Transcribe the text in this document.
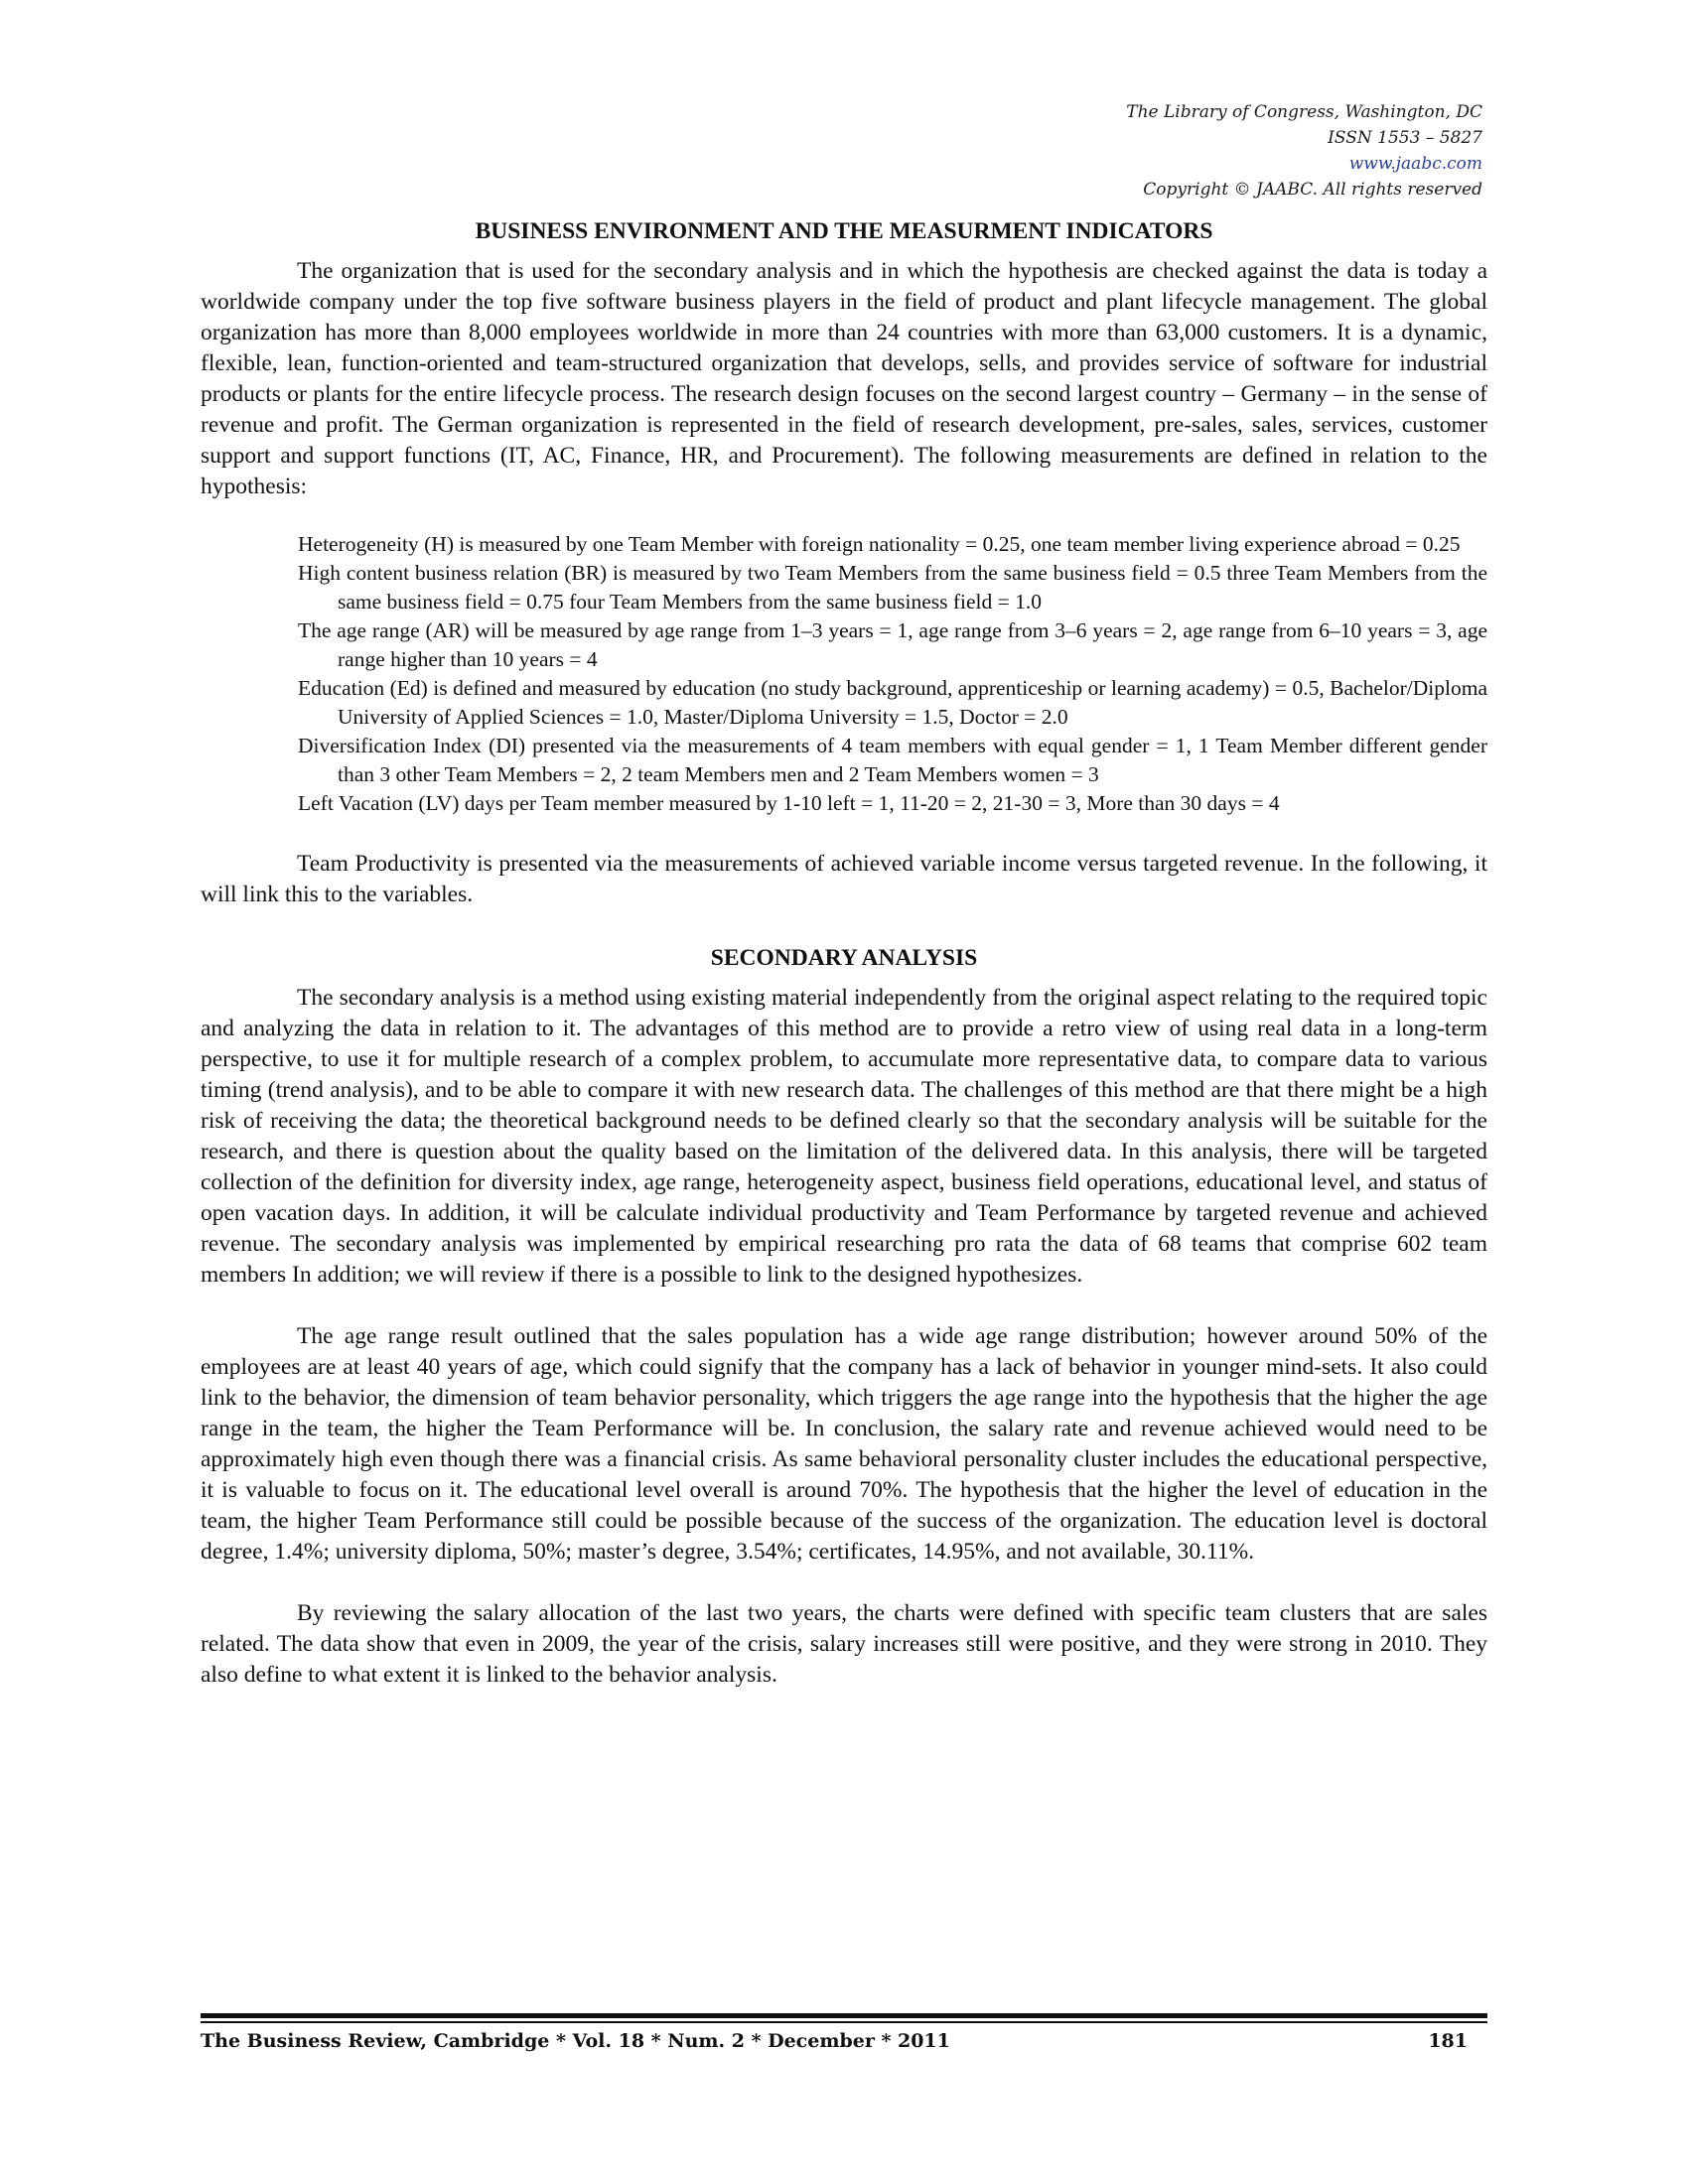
The Library of Congress, Washington, DC
ISSN 1553 – 5827
www.jaabc.com
Copyright © JAABC. All rights reserved
BUSINESS ENVIRONMENT AND THE MEASURMENT INDICATORS

The organization that is used for the secondary analysis and in which the hypothesis are checked against the data is today a worldwide company under the top five software business players in the field of product and plant lifecycle management. The global organization has more than 8,000 employees worldwide in more than 24 countries with more than 63,000 customers. It is a dynamic, flexible, lean, function-oriented and team-structured organization that develops, sells, and provides service of software for industrial products or plants for the entire lifecycle process. The research design focuses on the second largest country – Germany – in the sense of revenue and profit. The German organization is represented in the field of research development, pre-sales, sales, services, customer support and support functions (IT, AC, Finance, HR, and Procurement). The following measurements are defined in relation to the hypothesis:

Heterogeneity (H) is measured by one Team Member with foreign nationality = 0.25, one team member living experience abroad = 0.25
High content business relation (BR) is measured by two Team Members from the same business field = 0.5 three Team Members from the same business field = 0.75 four Team Members from the same business field = 1.0
The age range (AR) will be measured by age range from 1–3 years = 1, age range from 3–6 years = 2, age range from 6–10 years = 3, age range higher than 10 years = 4
Education (Ed) is defined and measured by education (no study background, apprenticeship or learning academy) = 0.5, Bachelor/Diploma University of Applied Sciences = 1.0, Master/Diploma University = 1.5, Doctor = 2.0
Diversification Index (DI) presented via the measurements of 4 team members with equal gender = 1, 1 Team Member different gender than 3 other Team Members = 2, 2 team Members men and 2 Team Members women = 3
Left Vacation (LV) days per Team member measured by 1-10 left = 1, 11-20 = 2, 21-30 = 3, More than 30 days = 4

Team Productivity is presented via the measurements of achieved variable income versus targeted revenue. In the following, it will link this to the variables.

SECONDARY ANALYSIS

The secondary analysis is a method using existing material independently from the original aspect relating to the required topic and analyzing the data in relation to it. The advantages of this method are to provide a retro view of using real data in a long-term perspective, to use it for multiple research of a complex problem, to accumulate more representative data, to compare data to various timing (trend analysis), and to be able to compare it with new research data. The challenges of this method are that there might be a high risk of receiving the data; the theoretical background needs to be defined clearly so that the secondary analysis will be suitable for the research, and there is question about the quality based on the limitation of the delivered data. In this analysis, there will be targeted collection of the definition for diversity index, age range, heterogeneity aspect, business field operations, educational level, and status of open vacation days. In addition, it will be calculate individual productivity and Team Performance by targeted revenue and achieved revenue. The secondary analysis was implemented by empirical researching pro rata the data of 68 teams that comprise 602 team members In addition; we will review if there is a possible to link to the designed hypothesizes.

The age range result outlined that the sales population has a wide age range distribution; however around 50% of the employees are at least 40 years of age, which could signify that the company has a lack of behavior in younger mind-sets. It also could link to the behavior, the dimension of team behavior personality, which triggers the age range into the hypothesis that the higher the age range in the team, the higher the Team Performance will be. In conclusion, the salary rate and revenue achieved would need to be approximately high even though there was a financial crisis. As same behavioral personality cluster includes the educational perspective, it is valuable to focus on it. The educational level overall is around 70%. The hypothesis that the higher the level of education in the team, the higher Team Performance still could be possible because of the success of the organization. The education level is doctoral degree, 1.4%; university diploma, 50%; master’s degree, 3.54%; certificates, 14.95%, and not available, 30.11%.

By reviewing the salary allocation of the last two years, the charts were defined with specific team clusters that are sales related. The data show that even in 2009, the year of the crisis, salary increases still were positive, and they were strong in 2010. They also define to what extent it is linked to the behavior analysis.

The Business Review, Cambridge * Vol. 18 * Num. 2 * December * 2011	181
